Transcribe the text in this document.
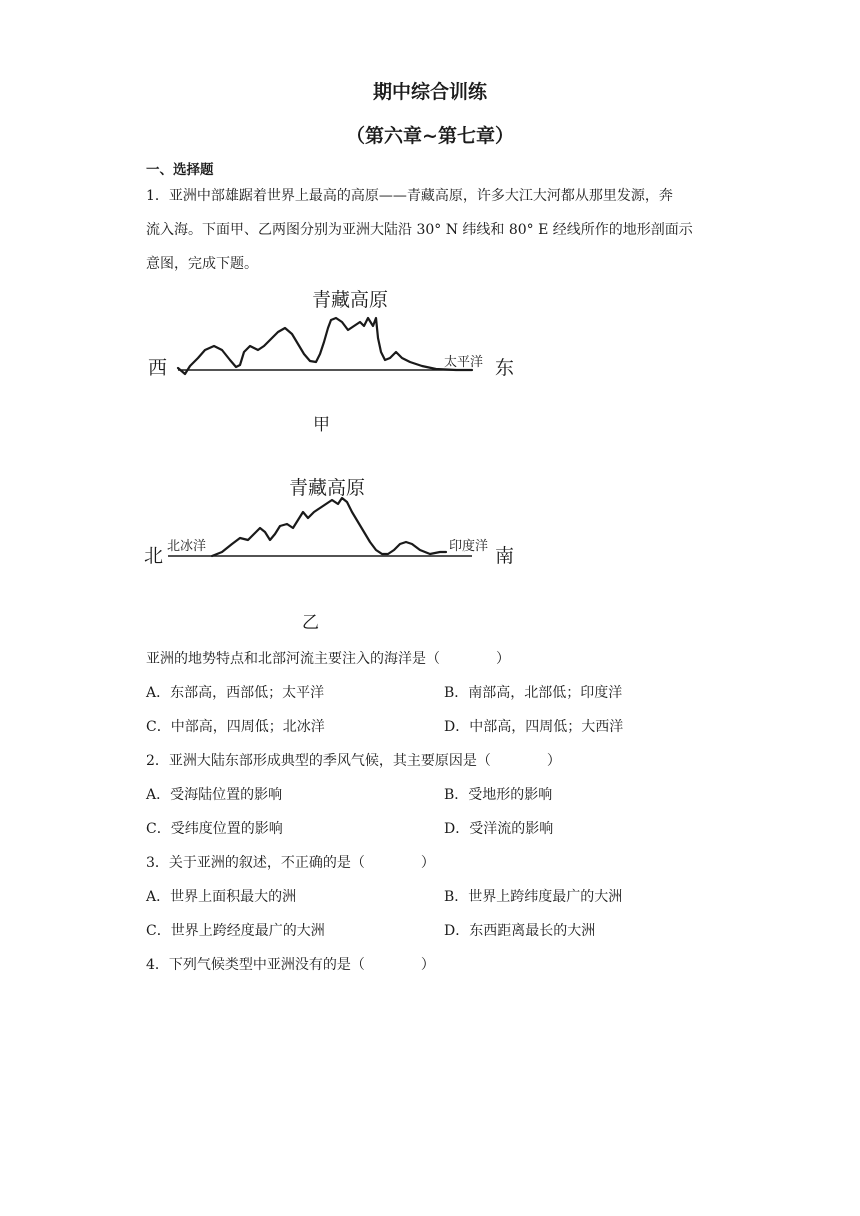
期中综合训练
（第六章~第七章）
一、选择题
1．亚洲中部雄踞着世界上最高的高原——青藏高原，许多大江大河都从那里发源，奔
流入海。下面甲、乙两图分别为亚洲大陆沿 30° N 纬线和 80° E 经线所作的地形剖面示
意图，完成下题。
青藏高原
西	太平洋 东
甲
青藏高原
北 北冰洋	印度洋 南
乙
亚洲的地势特点和北部河流主要注入的海洋是（　　　　）
A．东部高，西部低；太平洋	B．南部高，北部低；印度洋
C．中部高，四周低；北冰洋	D．中部高，四周低；大西洋
2．亚洲大陆东部形成典型的季风气候，其主要原因是（　　　　）
A．受海陆位置的影响	B．受地形的影响
C．受纬度位置的影响	D．受洋流的影响
3．关于亚洲的叙述，不正确的是（　　　　）
A．世界上面积最大的洲	B．世界上跨纬度最广的大洲
C．世界上跨经度最广的大洲	D．东西距离最长的大洲
4．下列气候类型中亚洲没有的是（　　　　）
